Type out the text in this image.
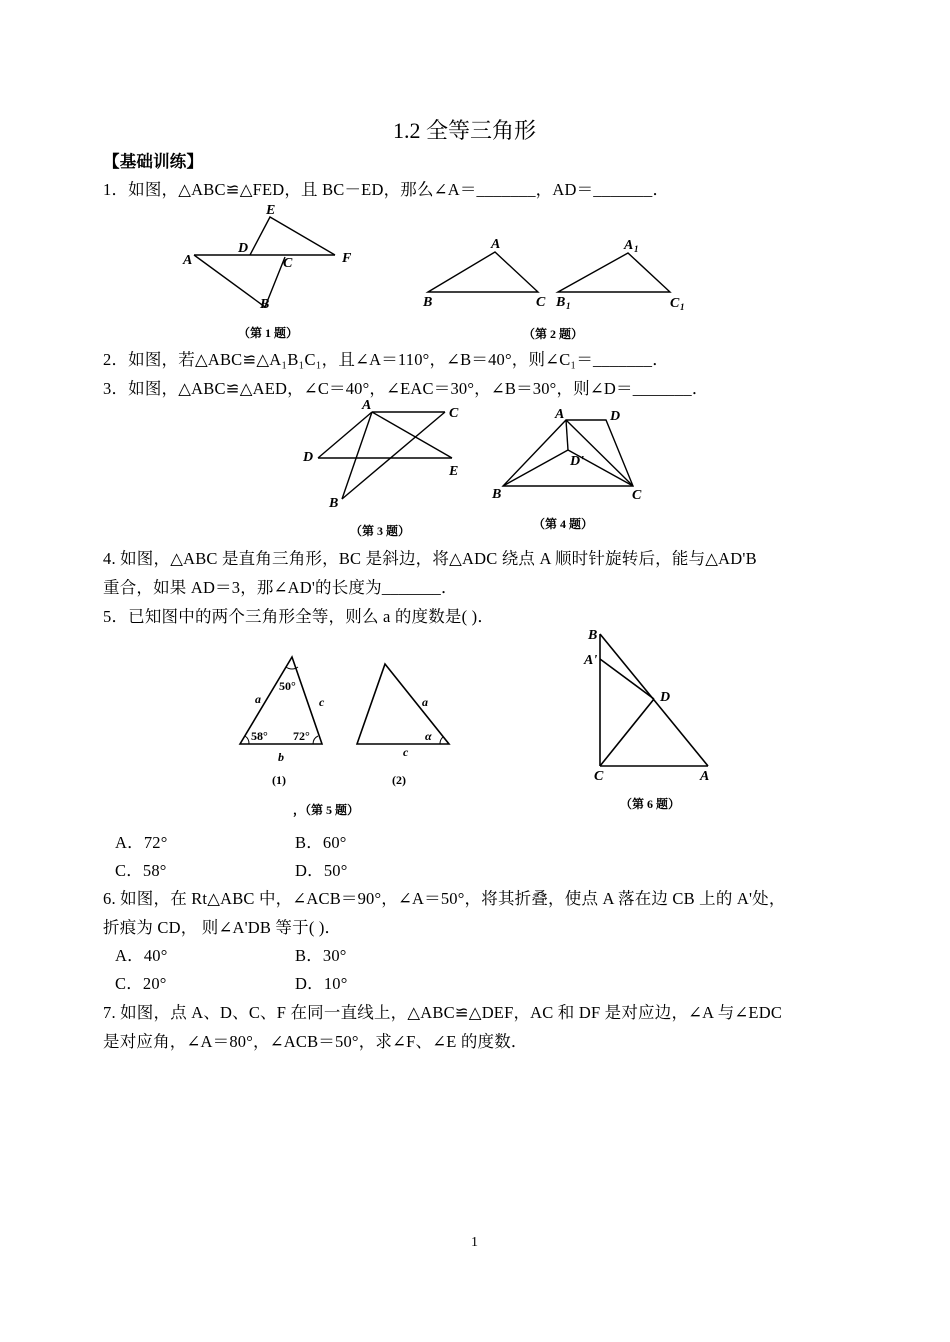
1.2 全等三角形
【基础训练】
1．如图，△ABC≌△FED，且 BC－ED，那么∠A＝_______，AD＝_______．
E
D
A	C	F
B
（第 1 题）
A
B	C
A 1
B 1	C 1
（第 2 题）
2．如图，若△ABC≌△A₁B₁C₁，且∠A＝110°，∠B＝40°，则∠C₁＝_______．
3．如图，△ABC≌△AED，∠C＝40°，∠EAC＝30°，∠B＝30°，则∠D＝_______．
A
C
D
E
B
（第 3 题）
A	D
D'
B	C
（第 4 题）
4. 如图，△ABC 是直角三角形，BC 是斜边，将△ADC 绕点 A 顺时针旋转后，能与△AD'B
重合，如果 AD＝3，那∠AD'的长度为_______．
5．已知图中的两个三角形全等，则么 a 的度数是( )．
50°
58° 72°
a	c
b
a
c
α
(1)	(2)
，（第 5 题）
B
A'
D
C	A
（第 6 题）
A．72°	B．60°
C．58°	D．50°
6. 如图，在 Rt△ABC 中，∠ACB＝90°，∠A＝50°，将其折叠，使点 A 落在边 CB 上的 A'处，
折痕为 CD， 则∠A'DB 等于( )．
A．40°	B．30°
C．20°	D．10°
7. 如图，点 A、D、C、F 在同一直线上，△ABC≌△DEF，AC 和 DF 是对应边，∠A 与∠EDC
是对应角，∠A＝80°，∠ACB＝50°，求∠F、∠E 的度数．
1
